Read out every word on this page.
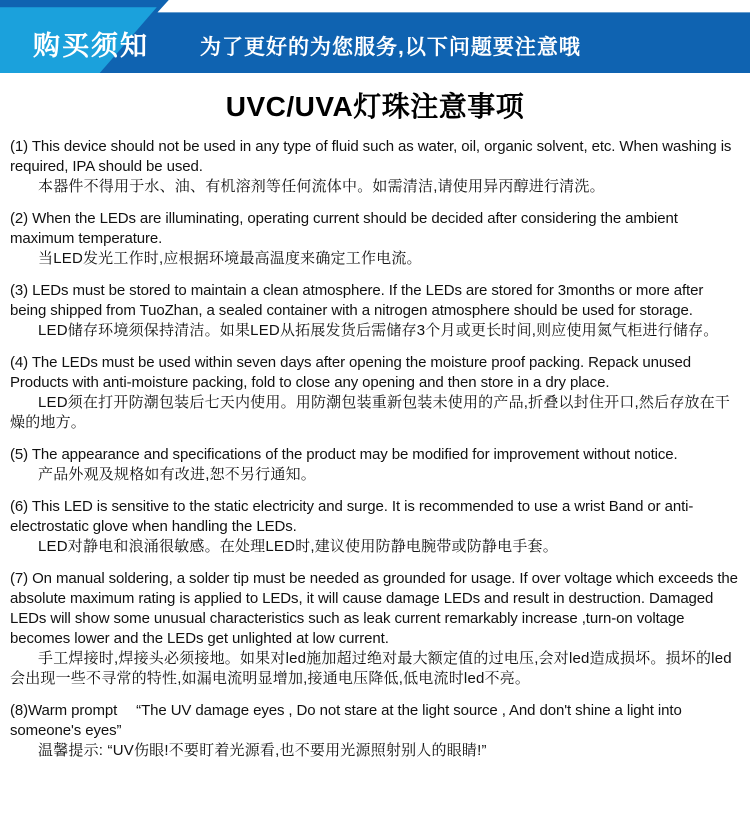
购买须知 为了更好的为您服务,以下问题要注意哦
UVC/UVA灯珠注意事项
(1) This device should not be used in any type of fluid such as water, oil, organic solvent, etc. When washing is required, IPA should be used.
本器件不得用于水、油、有机溶剂等任何流体中。如需清洁,请使用异丙醇进行清洗。
(2) When the LEDs are illuminating, operating current should be decided after considering the ambient maximum temperature.
当LED发光工作时,应根据环境最高温度来确定工作电流。
(3) LEDs must be stored to maintain a clean atmosphere. If the LEDs are stored for 3months or more after being shipped from TuoZhan, a sealed container with a nitrogen atmosphere should be used for storage.
LED储存环境须保持清洁。如果LED从拓展发货后需储存3个月或更长时间,则应使用氮气柜进行储存。
(4) The LEDs must be used within seven days after opening the moisture proof packing. Repack unused Products with anti-moisture packing, fold to close any opening and then store in a dry place.
LED须在打开防潮包装后七天内使用。用防潮包装重新包装未使用的产品,折叠以封住开口,然后存放在干燥的地方。
(5) The appearance and specifications of the product may be modified for improvement without notice.
产品外观及规格如有改进,恕不另行通知。
(6) This LED is sensitive to the static electricity and surge. It is recommended to use a wrist Band or anti-electrostatic glove when handling the LEDs.
LED对静电和浪涌很敏感。在处理LED时,建议使用防静电腕带或防静电手套。
(7) On manual soldering, a solder tip must be needed as grounded for usage. If over voltage which exceeds the absolute maximum rating is applied to LEDs, it will cause damage LEDs and result in destruction. Damaged LEDs will show some unusual characteristics such as leak current remarkably increase ,turn-on voltage becomes lower and the LEDs get unlighted at low current.
手工焊接时,焊接头必须接地。如果对led施加超过绝对最大额定值的过电压,会对led造成损坏。损坏的led会出现一些不寻常的特性,如漏电流明显增加,接通电压降低,低电流时led不亮。
(8)Warm prompt 　“The UV damage eyes , Do not stare at the light source , And don't shine a light into someone's eyes”
温馨提示: “UV伤眼!不要盯着光源看,也不要用光源照射别人的眼睛!”
